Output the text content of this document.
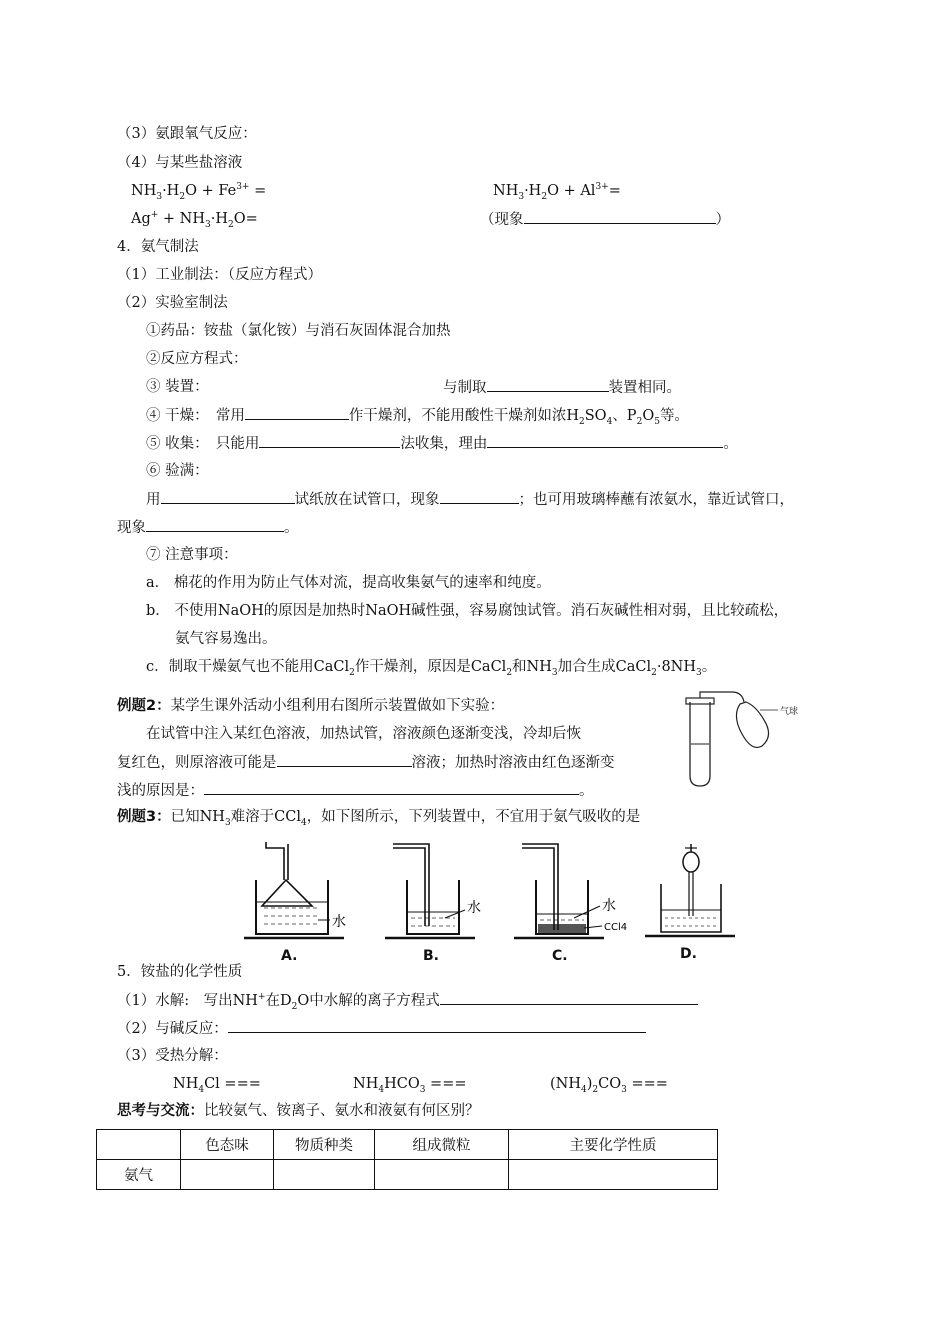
（3）氨跟氧气反应：
（4）与某些盐溶液
$NH_3\cdot H_2O + Fe^{3+}$ =	$NH_3\cdot H_2O + Al^{3+}=$
$Ag^+ + NH_3\cdot H_2O=$	（现象	）
4．氨气制法
（1）工业制法：（反应方程式）
（2）实验室制法
①药品：铵盐（氯化铵）与消石灰固体混合加热
②反应方程式：
③ 装置：	与制取	装置相同。
④ 干燥：　常用	作干燥剂，不能用酸性干燥剂如浓$H_2SO_4$、$P_2O_5$等。
⑤ 收集：　只能用	法收集，理由	。
⑥ 验满：
用	试纸放在试管口，现象	；也可用玻璃棒蘸有浓氨水，靠近试管口，
现象	。
⑦ 注意事项：
a． 棉花的作用为防止气体对流，提高收集氨气的速率和纯度。
b． 不使用NaOH的原因是加热时NaOH碱性强，容易腐蚀试管。消石灰碱性相对弱，且比较疏松，
氨气容易逸出。
c．制取干燥氨气也不能用CaCl$_2$作干燥剂，原因是CaCl$_2$和$NH_3$加合生成$CaCl_2\cdot 8NH_3$。
例题2：某学生课外活动小组利用右图所示装置做如下实验：
在试管中注入某红色溶液，加热试管，溶液颜色逐渐变浅，冷却后恢
复红色，则原溶液可能是	溶液；加热时溶液由红色逐渐变
浅的原因是：	。
气球
例题3：已知$NH_3$难溶于CCl$_4$，如下图所示，下列装置中，不宜用于氨气吸收的是
水
A.
水
B.
水
CCl4
C.	D.
5．铵盐的化学性质
（1）水解:　写出NH+在$D_2O$中水解的离子方程式
（2）与碱反应：
（3）受热分解：
$NH_4Cl$ ===	$NH_4HCO_3$ ===	$(NH_4)_2CO_3$ ===
思考与交流：比较氨气、铵离子、氨水和液氨有何区别？
	色态味	物质种类	组成微粒	主要化学性质
氨气				
